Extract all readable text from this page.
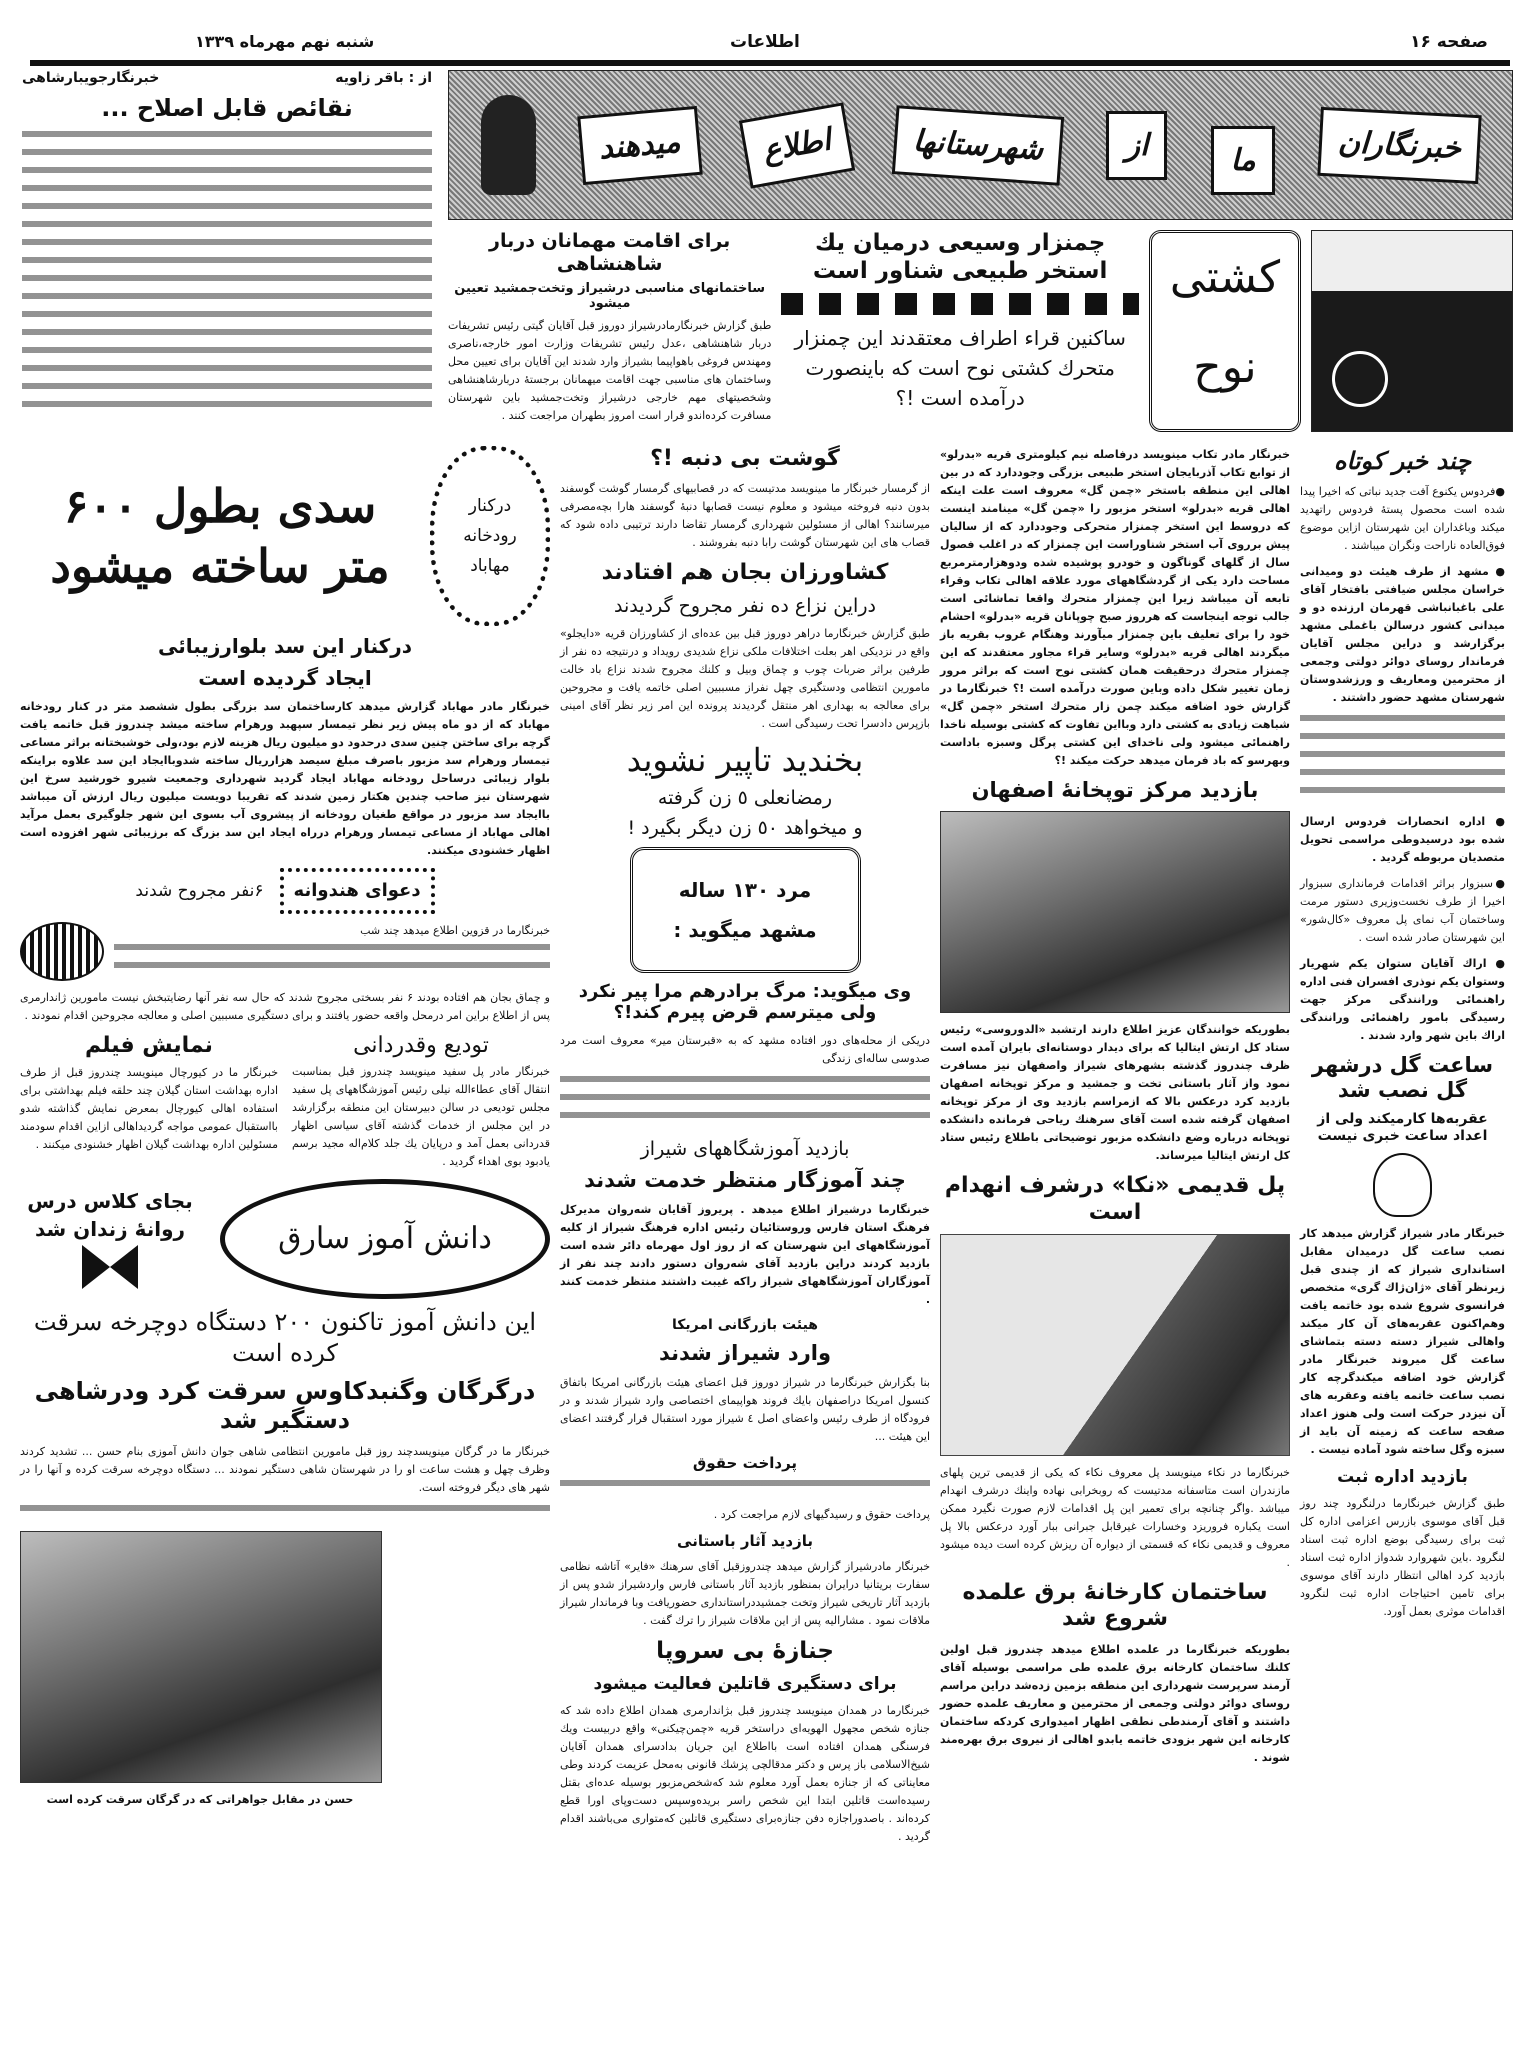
صفحه ۱۶
اطلاعات
شنبه نهم مهرماه ۱۳۳۹
خبرنگارجویبارشاهی	از : باقر زاویه
نقائص قابل اصلاح ...
میدهند	اطلاع	شهرستانها	از	ما	خبرنگاران
برای اقامت مهمانان دربار شاهنشاهی
ساختمانهای مناسبی درشیراز وتخت‌جمشید تعیین میشود
طبق گزارش خبرنگارمادرشیراز دوروز قبل آقایان گیتی رئیس تشریفات دربار شاهنشاهی ،عدل رئیس تشریفات وزارت امور خارجه،ناصری ومهندس فروغی باهواپیما بشیراز وارد شدند این آقایان برای تعیین محل وساختمان های مناسبی جهت اقامت میهمانان برجستهٔ دربارشاهنشاهی وشخصیتهای مهم خارجی درشیراز وتخت‌جمشید باین شهرستان مسافرت کرده‌اندو قرار است امروز بطهران مراجعت کنند .
چمنزار وسیعی درمیان یك استخر طبیعی شناور است
ساکنین قراء اطراف معتقدند این چمنزار متحرك کشتی نوح است که باینصورت درآمده است !؟
کشتی
نوح
سدی بطول ۶۰۰
متر ساخته میشود
درکنار
رودخانه
مهاباد
درکنار این سد بلوارزیبائی
ایجاد گردیده است
خبرنگار مادر مهاباد گزارش میدهد کارساختمان سد بزرگی بطول ششصد متر در کنار رودخانه مهاباد که از دو ماه پیش زیر نظر تیمسار سپهبد ورهرام ساخته میشد چندروز قبل خاتمه یافت گرچه برای ساختن چنین سدی درحدود دو میلیون ریال هزینه لازم بود،ولی خوشبختانه براثر مساعی تیمسار ورهرام سد مزبور باصرف مبلغ سیصد هزارریال ساخته شدوباایجاد این سد علاوه براینکه بلوار زیبائی درساحل رودخانه مهاباد ایجاد گردید شهرداری وجمعیت شیرو خورشید سرخ این شهرستان نیز صاحب چندین هکتار زمین شدند که تقریبا دویست میلیون ریال ارزش آن میباشد باایجاد سد مزبور در مواقع طغیان رودخانه از پیشروی آب بسوی این شهر جلوگیری بعمل مرآید اهالی مهاباد از مساعی تیمسار ورهرام درراه ایجاد این سد بزرگ که برزیبائی شهر افزوده است اظهار خشنودی میکنند.
۶نفر مجروح شدند	دعوای هندوانه
خبرنگارما در قزوین اطلاع میدهد چند شب
و چماق بجان هم افتاده بودند ۶ نفر بسختی مجروح شدند که حال سه نفر آنها رضایتبخش نیست مامورین ژاندارمری پس از اطلاع براین امر درمحل واقعه حضور یافتند و برای دستگیری مسببین اصلی و معالجه مجروحین اقدام نمودند .
نمایش فیلم
خبرنگار ما در کیورچال مینویسد چندروز قبل از طرف اداره بهداشت استان گیلان چند حلقه فیلم بهداشتی برای استفاده اهالی کیورچال بمعرض نمایش گذاشته شدو بااستقبال عمومی مواجه گردیداهالی ازاین اقدام سودمند مسئولین اداره بهداشت گیلان اظهار خشنودی میکنند .
تودیع وقدردانی
خبرنگار مادر پل سفید مینویسد چندروز قبل بمناسبت انتقال آقای عطاءالله نیلی رئیس آموزشگاههای پل سفید مجلس تودیعی در سالن دبیرستان این منطقه برگزارشد در این مجلس از خدمات گذشته آقای سیاسی اظهار قدردانی بعمل آمد و درپایان یك جلد کلام‌اله مجید برسم یادبود بوی اهداء گردید .
بجای کلاس درس
روانهٔ زندان شد	دانش آموز سارق
این دانش آموز تاکنون ۲۰۰ دستگاه دوچرخه سرقت کرده است
درگرگان وگنبدکاوس سرقت کرد ودرشاهی دستگیر شد
خبرنگار ما در گرگان مینویسدچند روز قبل مامورین انتظامی شاهی جوان دانش آموزی بنام حسن ... تشدید کردند وظرف چهل و هشت ساعت او را در شهرستان شاهی دستگیر نمودند ... دستگاه دوچرخه سرقت کرده و آنها را در شهر های دیگر فروخته است.
حسن در مقابل جواهراتی که در گرگان سرقت کرده است
گوشت بی دنبه !؟
از گرمسار خبرنگار ما مینویسد مدتیست که در قصابیهای گرمسار گوشت گوسفند بدون دنبه فروخته میشود و معلوم نیست قصابها دنبهٔ گوسفند هارا بچه‌مصرفی میرسانند؟ اهالی از مسئولین شهرداری گرمسار تقاضا دارند ترتیبی داده شود که قصاب های این شهرستان گوشت رابا دنبه بفروشند .
کشاورزان بجان هم افتادند
دراین نزاع ده نفر مجروح گردیدند
طبق گزارش خبرنگارما دراهر دوروز قبل بین عده‌ای از کشاورزان قریه «دایجلو» واقع در نزدیکی اهر بعلت اختلافات ملکی نزاع شدیدی رویداد و درنتیجه ده نفر از طرفین براثر ضربات چوب و چماق وبیل و کلنك مجروح شدند نزاع باد خالت مامورین انتظامی ودستگیری چهل نفراز مسببین اصلی خاتمه یافت و مجروحین برای معالجه به بهداری اهر منتقل گردیدند پرونده این امر زیر نظر آقای امینی بازپرس دادسرا تحت رسیدگی است .
بخندید تاپیر نشوید
رمضانعلی ٥ زن گرفته
و میخواهد ٥٠ زن دیگر بگیرد !
مرد ۱۳۰ ساله
مشهد میگوید :
وی میگوید: مرگ برادرهم مرا پیر نکرد ولی میترسم قرض پیرم کند!؟
دریکی از محله‌های دور افتاده مشهد که به «قبرستان میر» معروف است مرد صدوسی ساله‌ای زندگی
بازدید آموزشگاههای شیراز
چند آموزگار منتظر خدمت شدند
خبرنگارما درشیراز اطلاع میدهد . پریروز آقایان شه‌روان مدیرکل فرهنگ استان فارس وروستائیان رئیس اداره فرهنگ شیراز از کلیه آموزشگاههای این شهرستان که از روز اول مهرماه دائر شده است بازدید کردند دراین بازدید آقای شه‌روان دستور دادند چند نفر از آموزگاران آموزشگاههای شیراز راکه غیبت داشتند منتظر خدمت کنند .
هیئت بازرگانی امریکا
وارد شیراز شدند
بنا بگزارش خبرنگارما در شیراز دوروز قبل اعضای هیئت بازرگانی امریکا باتفاق کنسول امریکا دراصفهان بایك فروند هواپیمای اختصاصی وارد شیراز شدند و در فرودگاه از طرف رئیس واعضای اصل ٤ شیراز مورد استقبال قرار گرفتند اعضای این هیئت ...
پرداخت حقوق
پرداخت حقوق و رسیدگیهای لازم مراجعت کرد .
بازدید آثار باستانی
خبرنگار مادرشیراز گزارش میدهد چندروزقبل آقای سرهنك «فایر» آتاشه نظامی سفارت بریتانیا درایران بمنظور بازدید آثار باستانی فارس واردشیراز شدو پس از بازدید آثار تاریخی شیراز وتخت جمشیددراستانداری حضوریافت وبا فرماندار شیراز ملاقات نمود . مشارالیه پس از این ملاقات شیراز را ترك گفت .
جنازهٔ بی سروپا
برای دستگیری قاتلین فعالیت میشود
خبرنگارما در همدان مینویسد چندروز قبل بژاندارمری همدان اطلاع داده شد که جنازه شخص مجهول الهویه‌ای دراستخر قریه «چمن‌چیکنی» واقع دربیست ویك فرسنگی همدان افتاده است بااطلاع این جریان بدادسرای همدان آقایان شیخ‌الاسلامی باز پرس و دکتر مدقالچی پزشك قانونی به‌محل عزیمت کردند وطی معایناتی که از جنازه بعمل آورد معلوم شد که‌شخص‌مزبور بوسیله عده‌ای بقتل رسیده‌است قاتلین ابتدا این شخص راسر بریده‌وسپس دست‌وپای اورا قطع کرده‌اند . باصدوراجازه دفن جنازه‌برای دستگیری قاتلین که‌متواری می‌باشند اقدام گردید .
خبرنگار مادر تکاب مینویسد درفاصله نیم کیلومتری قریه «بدرلو» از توابع تکاب آذربایجان استخر طبیعی بزرگی وجوددارد که در بین اهالی این منطقه باستخر «چمن گل» معروف است علت اینکه اهالی قریه «بدرلو» استخر مزبور را «چمن گل» مینامند اینست که دروسط این استخر چمنزار متحرکی وجوددارد که از سالیان پیش برروی آب استخر شناوراست این چمنزار که در اغلب فصول سال از گلهای گوناگون و خودرو پوشیده شده ودوهزارمترمربع مساحت دارد یکی از گردشگاههای مورد علاقه اهالی تکاب وقراء تابعه آن میباشد زیرا این چمنزار متحرك واقعا تماشائی است جالب توجه اینجاست که هرروز صبح چوپانان قریه «بدرلو» احشام خود را برای تعلیف باین چمنزار میآورند وهنگام غروب بقریه باز میگردند اهالی قریه «بدرلو» وسایر قراء مجاور معتقدند که این چمنزار متحرك درحقیقت همان کشتی نوح است که براثر مرور زمان تغییر شکل داده وباین صورت درآمده است !؟ خبرنگارما در گزارش خود اضافه میکند چمن زار متحرك استخر «چمن گل» شباهت زیادی به کشتی دارد وبااین تفاوت که کشتی بوسیله ناخدا راهنمائی میشود ولی ناخدای این کشتی پرگل وسبزه باداست وبهرسو که باد فرمان میدهد حرکت میکند !؟
بازدید مرکز توپخانهٔ اصفهان
بطوریکه خوانندگان عزیز اطلاع دارند ارتشبد «الدوروسی» رئیس ستاد کل ارتش ایتالیا که برای دیدار دوستانه‌ای بایران آمده است ظرف چندروز گذشته بشهرهای شیراز واصفهان نیز مسافرت نمود واز آثار باستانی تخت و جمشید و مرکز توپخانه اصفهان بازدید کرد درعکس بالا که ازمراسم بازدید وی از مرکز توپخانه اصفهان گرفته شده است آقای سرهنك ریاحی فرمانده دانشکده توپخانه درباره وضع دانشکده مزبور توضیحاتی باطلاع رئیس ستاد کل ارتش ایتالیا میرساند.
پل قدیمی «نکا» درشرف انهدام است
خبرنگارما در نکاء مینویسد پل معروف نکاء که یکی از قدیمی ترین پلهای مازندران است متاسفانه مدتیست که روبخرابی نهاده واینك درشرف انهدام میباشد .واگر چنانچه برای تعمیر این پل اقدامات لازم صورت نگیرد ممکن است یکباره فروریزد وخسارات غیرقابل جبرانی ببار آورد درعکس بالا پل معروف و قدیمی نکاء که قسمتی از دیواره آن ریزش کرده است دیده میشود .
ساختمان کارخانهٔ برق علمده شروع شد
بطوریکه خبرنگارما در علمده اطلاع میدهد چندروز قبل اولین کلنك ساختمان کارخانه برق علمده طی مراسمی بوسیله آقای آرمند سرپرست شهرداری این منطقه بزمین زده‌شد دراین مراسم روسای دوائر دولتی وجمعی از محترمین و معاریف علمده حضور داشتند و آقای آرمندطی نطقی اظهار امیدواری کردکه ساختمان کارخانه این شهر بزودی خاتمه یابدو اهالی از نیروی برق بهره‌مند شوند .
چند خبر کوتاه
●فردوس یکنوع آفت جدید نباتی که اخیرا پیدا شده است محصول پستهٔ فردوس راتهدید میکند وباغداران این شهرستان ازاین موضوع فوق‌العاده ناراحت ونگران میباشند .
● مشهد از طرف هیئت دو ومیدانی خراسان مجلس ضیافتی بافتخار آقای علی باغبانباشی قهرمان ارزنده دو و میدانی کشور درسالن باغملی مشهد برگزارشد و دراین مجلس آقایان فرماندار روسای دوائر دولتی وجمعی از محترمین ومعاریف و ورزشدوستان شهرستان مشهد حضور داشتند .
● اداره انحصارات فردوس ارسال شده بود درسیدوطی مراسمی تحویل متصدیان مربوطه گردید .
●سبزوار براثر اقدامات فرمانداری سبزوار اخیرا از طرف نخست‌وزیری دستور مرمت وساختمان آب نمای پل معروف «کال‌شور» این شهرستان صادر شده است .
● اراك آقایان ستوان یکم شهریار وستوان یکم نوذری افسران فنی اداره راهنمائی ورانندگی مرکز جهت رسیدگی بامور راهنمائی ورانندگی اراك باین شهر وارد شدند .
ساعت گل درشهر گل نصب شد
عقربه‌ها کارمیکند ولی از اعداد ساعت خبری نیست
خبرنگار مادر شیراز گزارش میدهد کار نصب ساعت گل درمیدان مقابل استانداری شیراز که از چندی قبل زیرنظر آقای «ژان‌ژاك گری» متخصص فرانسوی شروع شده بود خاتمه یافت وهم‌اکنون عقربه‌های آن کار میکند واهالی شیراز دسته دسته بتماشای ساعت گل میروند خبرنگار مادر گزارش خود اضافه میکندگرچه کار نصب ساعت خاتمه یافته وعقربه های آن نیزدر حرکت است ولی هنوز اعداد صفحه ساعت که زمینه آن باید از سبزه وگل ساخته شود آماده نیست .
بازدید اداره ثبت
طبق گزارش خبرنگارما درلنگرود چند روز قبل آقای موسوی بازرس اعزامی اداره کل ثبت برای رسیدگی بوضع اداره ثبت اسناد لنگرود .باین شهروارد شدواز اداره ثبت اسناد بازدید کرد اهالی انتظار دارند آقای موسوی برای تامین احتیاجات اداره ثبت لنگرود اقدامات موثری بعمل آورد.
